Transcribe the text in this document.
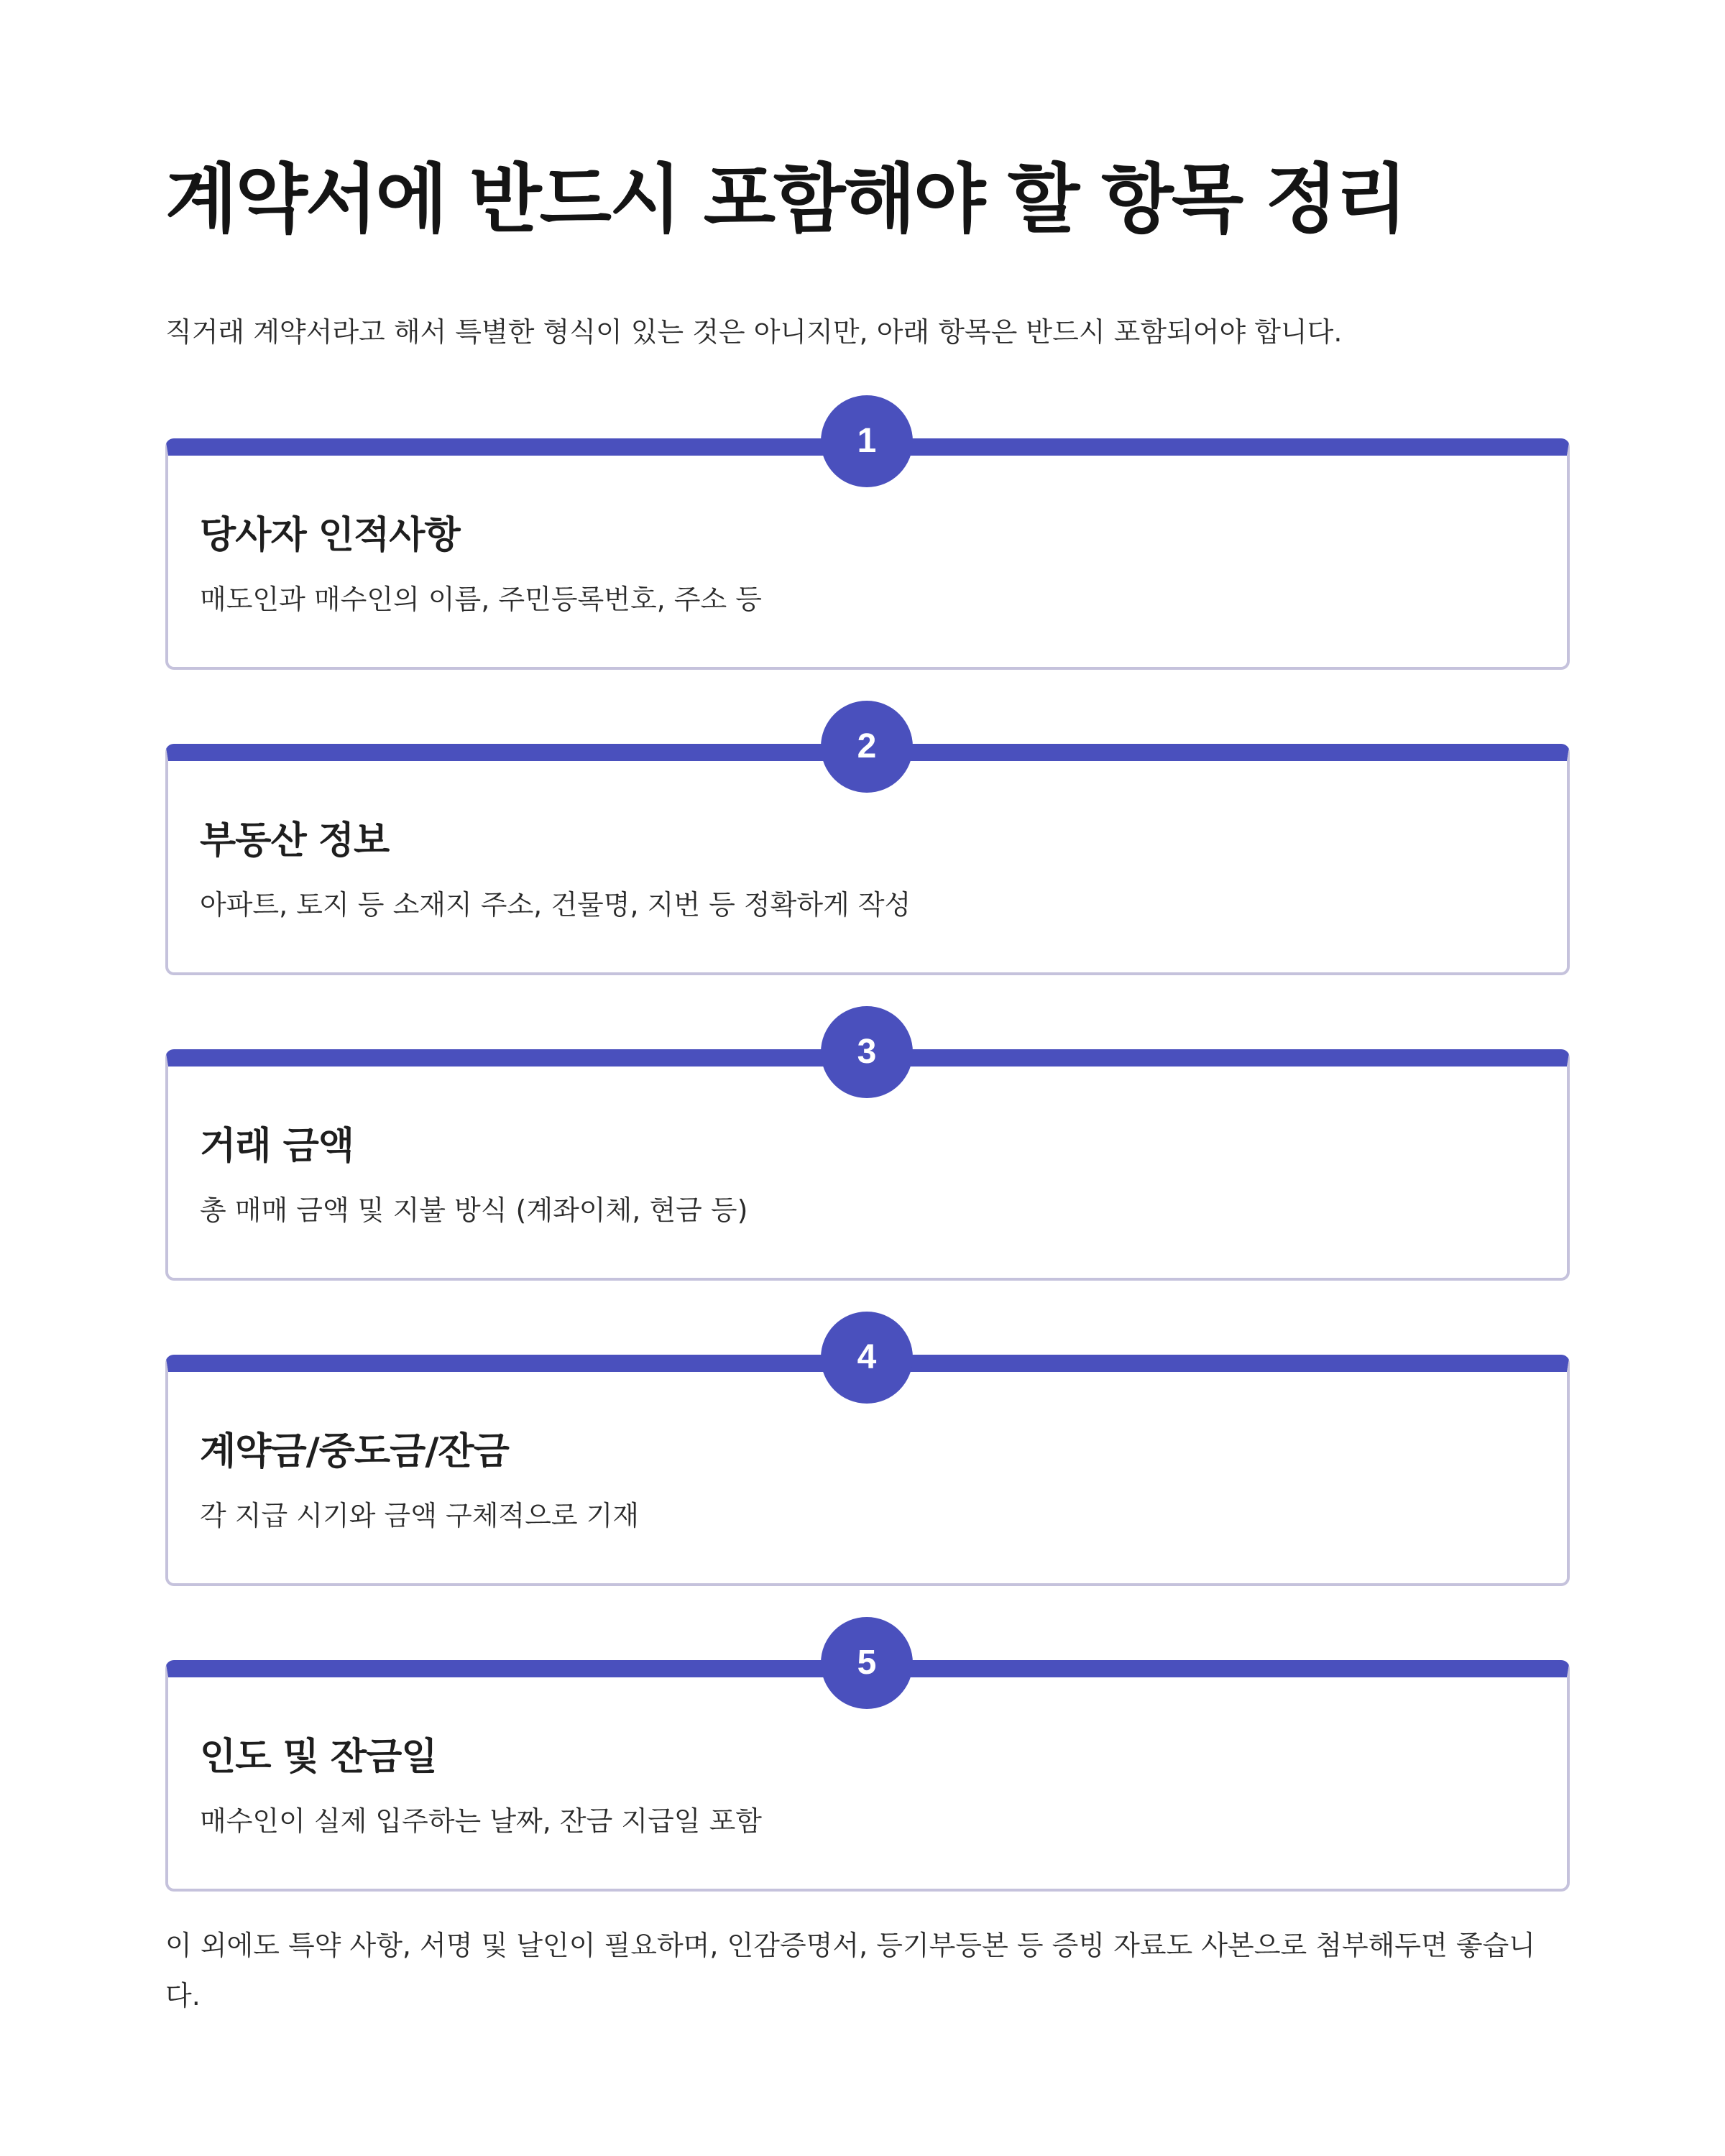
계약서에 반드시 포함해야 할 항목 정리

직거래 계약서라고 해서 특별한 형식이 있는 것은 아니지만, 아래 항목은 반드시 포함되어야 합니다.

1
당사자 인적사항

매도인과 매수인의 이름, 주민등록번호, 주소 등

2
부동산 정보

아파트, 토지 등 소재지 주소, 건물명, 지번 등 정확하게 작성

3
거래 금액

총 매매 금액 및 지불 방식 (계좌이체, 현금 등)

4
계약금/중도금/잔금

각 지급 시기와 금액 구체적으로 기재

5
인도 및 잔금일

매수인이 실제 입주하는 날짜, 잔금 지급일 포함

이 외에도 특약 사항, 서명 및 날인이 필요하며, 인감증명서, 등기부등본 등 증빙 자료도 사본으로 첨부해두면 좋습니다.
